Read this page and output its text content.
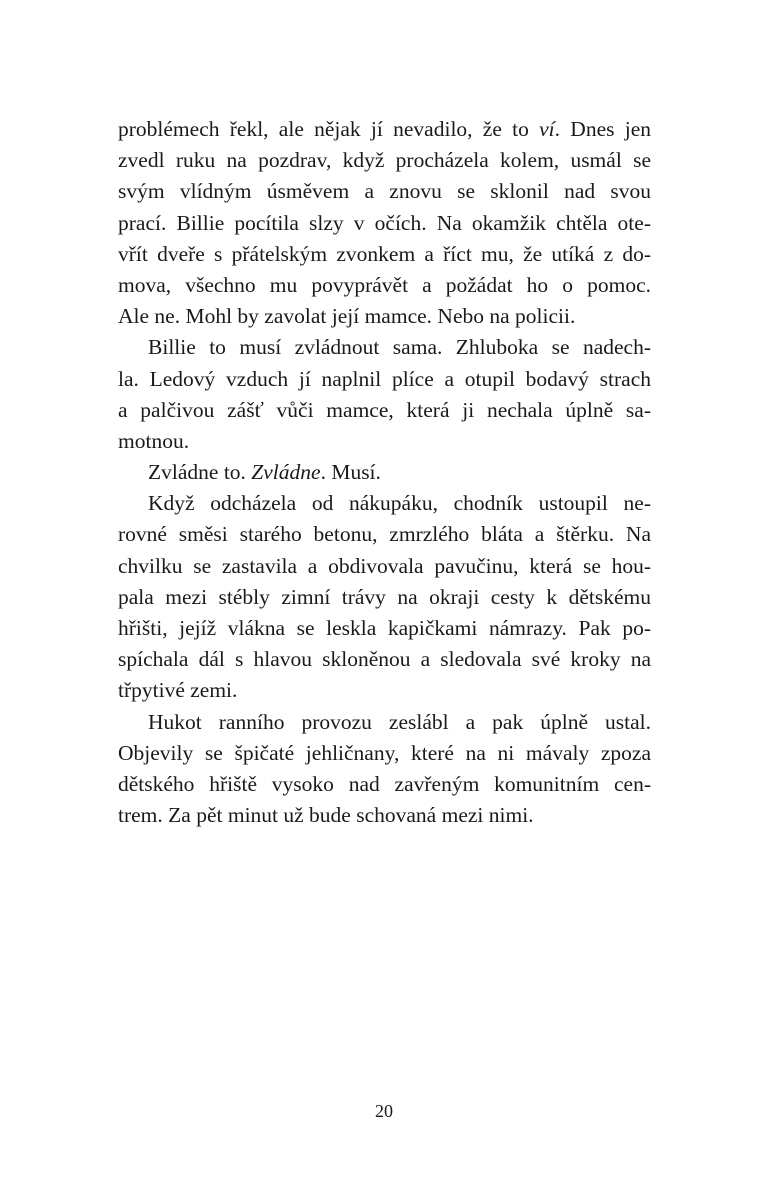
problémech řekl, ale nějak jí nevadilo, že to ví. Dnes jen
zvedl ruku na pozdrav, když procházela kolem, usmál se
svým vlídným úsměvem a znovu se sklonil nad svou
prací. Billie pocítila slzy v očích. Na okamžik chtěla ote-
vřít dveře s přátelským zvonkem a říct mu, že utíká z do-
mova, všechno mu povyprávět a požádat ho o pomoc.
Ale ne. Mohl by zavolat její mamce. Nebo na policii.
Billie to musí zvládnout sama. Zhluboka se nadech-
la. Ledový vzduch jí naplnil plíce a otupil bodavý strach
a palčivou zášť vůči mamce, která ji nechala úplně sa-
motnou.
Zvládne to. Zvládne. Musí.
Když odcházela od nákupáku, chodník ustoupil ne-
rovné směsi starého betonu, zmrzlého bláta a štěrku. Na
chvilku se zastavila a obdivovala pavučinu, která se hou-
pala mezi stébly zimní trávy na okraji cesty k dětskému
hřišti, jejíž vlákna se leskla kapičkami námrazy. Pak po-
spíchala dál s hlavou skloněnou a sledovala své kroky na
třpytivé zemi.
Hukot ranního provozu zeslábl a pak úplně ustal.
Objevily se špičaté jehličnany, které na ni mávaly zpoza
dětského hřiště vysoko nad zavřeným komunitním cen-
trem. Za pět minut už bude schovaná mezi nimi.
20
